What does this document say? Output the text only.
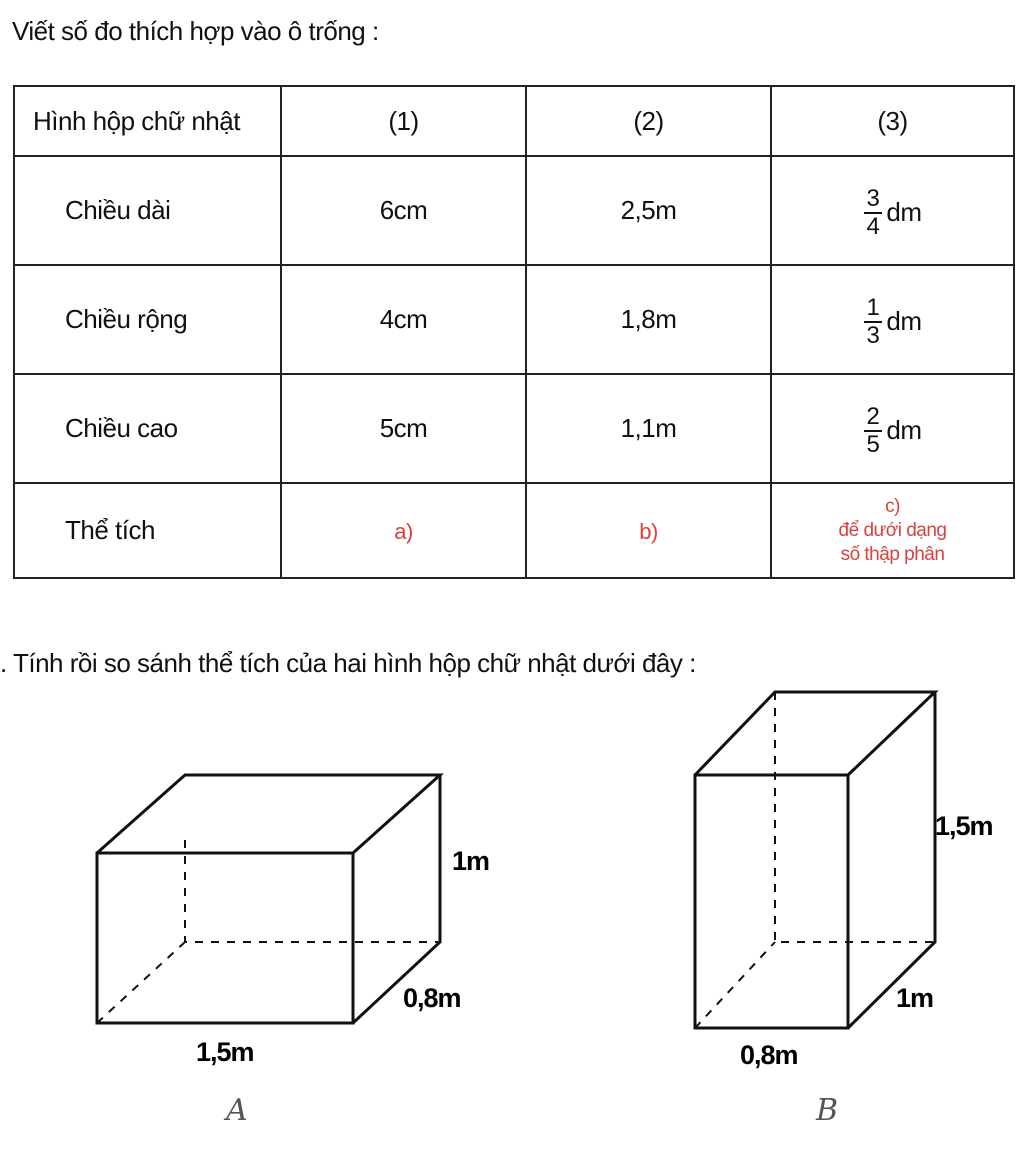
Viết số đo thích hợp vào ô trống :
Hình hộp chữ nhật	(1)	(2)	(3)
Chiều dài	6cm	2,5m	$\frac{3}{4}$ dm

Chiều rộng	4cm	1,8m	$\frac{1}{3}$ dm

Chiều cao	5cm	1,1m	$\frac{2}{5}$ dm

Thể tích	a)	b)	c)
để dưới dạng
số thập phân
. Tính rồi so sánh thể tích của hai hình hộp chữ nhật dưới đây :
1m
0,8m
1,5m
A
1,5m
1m
0,8m
B
